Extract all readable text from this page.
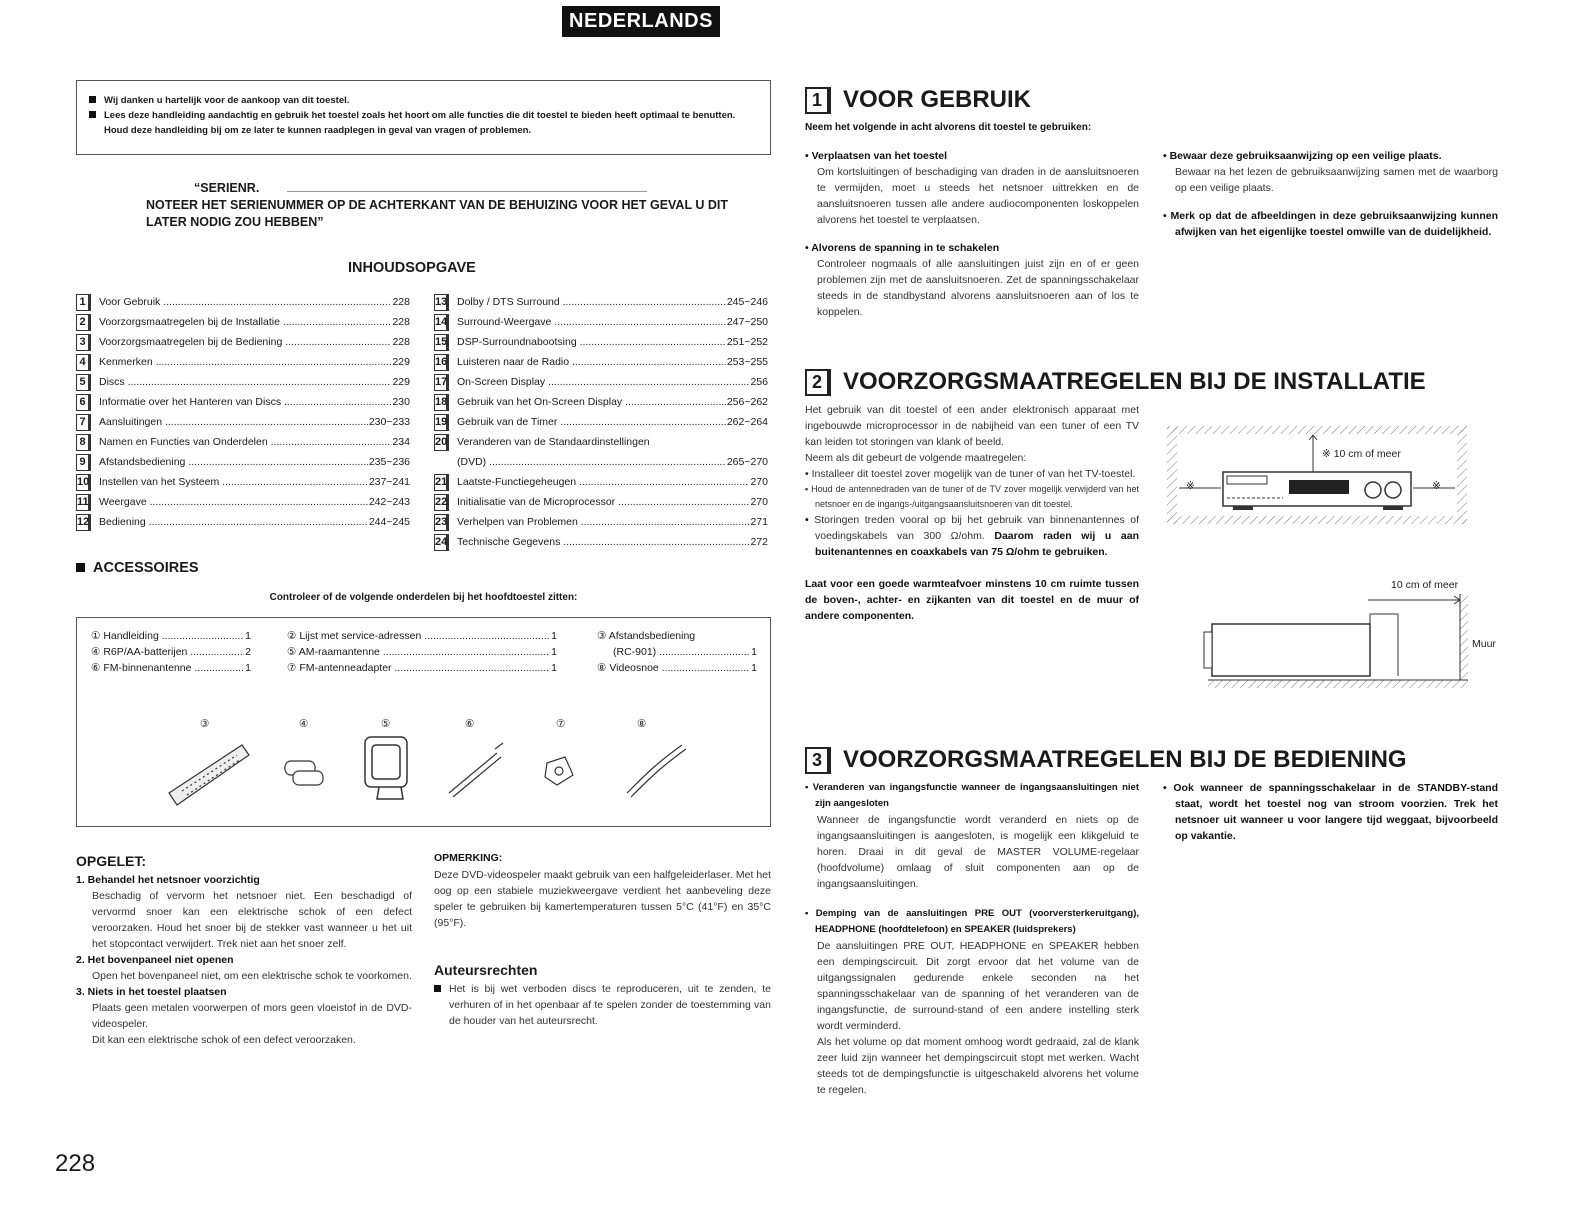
NEDERLANDS
Wij danken u hartelijk voor de aankoop van dit toestel.
Lees deze handleiding aandachtig en gebruik het toestel zoals het hoort om alle functies die dit toestel te bieden heeft optimaal te benutten. Houd deze handleiding bij om ze later te kunnen raadplegen in geval van vragen of problemen.
“SERIENR.
NOTEER HET SERIENUMMER OP DE ACHTERKANT VAN DE BEHUIZING VOOR HET GEVAL U DIT LATER NODIG ZOU HEBBEN”
INHOUDSOPGAVE
1	Voor Gebruik .....	228
2	Voorzorgsmaatregelen bij de Installatie .....	228
3	Voorzorgsmaatregelen bij de Bediening .....	228
4	Kenmerken .....	229
5	Discs .....	229
6	Informatie over het Hanteren van Discs .....	230
7	Aansluitingen .....	230~233
8	Namen en Functies van Onderdelen .....	234
9	Afstandsbediening .....	235~236
10 Instellen van het Systeem .....	237~241
11 Weergave .....	242~243
12 Bediening .....	244~245
13 Dolby / DTS Surround .....	245~246
14 Surround-Weergave .....	247~250
15 DSP-Surroundnabootsing .....	251~252
16 Luisteren naar de Radio .....	253~255
17 On-Screen Display .....	256
18 Gebruik van het On-Screen Display .....	256~262
19 Gebruik van de Timer .....	262~264
20 Veranderen van de Standaardinstellingen
(DVD) .....	265~270
21 Laatste-Functiegeheugen .....	270
22 Initialisatie van de Microprocessor .....	270
23 Verhelpen van Problemen .....	271
24 Technische Gegevens .....	272
ACCESSOIRES
Controleer of de volgende onderdelen bij het hoofdtoestel zitten:
① Handleiding .....	1
④ R6P/AA-batterijen .....	2
⑥ FM-binnenantenne .....	1
② Lijst met service-adressen .....	1
⑤ AM-raamantenne .....	1
⑦ FM-antenneadapter .....	1
③ Afstandsbediening
(RC-901) .....	1
⑧ Videosnoe .....	1
③	④	⑤	⑥	⑦	⑧
OPGELET:
1. Behandel het netsnoer voorzichtig
Beschadig of vervorm het netsnoer niet. Een beschadigd of vervormd snoer kan een elektrische schok of een defect veroorzaken. Houd het snoer bij de stekker vast wanneer u het uit het stopcontact verwijdert. Trek niet aan het snoer zelf.
2. Het bovenpaneel niet openen
Open het bovenpaneel niet, om een elektrische schok te voorkomen.
3. Niets in het toestel plaatsen
Plaats geen metalen voorwerpen of mors geen vloeistof in de DVD-videospeler.
Dit kan een elektrische schok of een defect veroorzaken.
OPMERKING:
Deze DVD-videospeler maakt gebruik van een halfgeleiderlaser. Met het oog op een stabiele muziekweergave verdient het aanbeveling deze speler te gebruiken bij kamertemperaturen tussen 5°C (41°F) en 35°C (95°F).
Auteursrechten
Het is bij wet verboden discs te reproduceren, uit te zenden, te verhuren of in het openbaar af te spelen zonder de toestemming van de houder van het auteursrecht.
1 VOOR GEBRUIK
Neem het volgende in acht alvorens dit toestel te gebruiken:
• Verplaatsen van het toestel
Om kortsluitingen of beschadiging van draden in de aansluitsnoeren te vermijden, moet u steeds het netsnoer uittrekken en de aansluitsnoeren tussen alle andere audiocomponenten loskoppelen alvorens het toestel te verplaatsen.
• Alvorens de spanning in te schakelen
Controleer nogmaals of alle aansluitingen juist zijn en of er geen problemen zijn met de aansluitsnoeren. Zet de spanningsschakelaar steeds in de standbystand alvorens aansluitsnoeren aan of los te koppelen.
• Bewaar deze gebruiksaanwijzing op een veilige plaats.
Bewaar na het lezen de gebruiksaanwijzing samen met de waarborg op een veilige plaats.
• Merk op dat de afbeeldingen in deze gebruiksaanwijzing kunnen afwijken van het eigenlijke toestel omwille van de duidelijkheid.
2 VOORZORGSMAATREGELEN BIJ DE INSTALLATIE
Het gebruik van dit toestel of een ander elektronisch apparaat met ingebouwde microprocessor in de nabijheid van een tuner of een TV kan leiden tot storingen van klank of beeld.
Neem als dit gebeurt de volgende maatregelen:
• Installeer dit toestel zover mogelijk van de tuner of van het TV-toestel.
• Houd de antennedraden van de tuner of de TV zover mogelijk verwijderd van het netsnoer en de ingangs-/uitgangsaansluitsnoeren van dit toestel.
• Storingen treden vooral op bij het gebruik van binnenantennes of voedingskabels van 300 Ω/ohm. Daarom raden wij u aan buitenantennes en coaxkabels van 75 Ω/ohm te gebruiken.
Laat voor een goede warmteafvoer minstens 10 cm ruimte tussen de boven-, achter- en zijkanten van dit toestel en de muur of andere componenten.
※ 10 cm of meer
※	※
10 cm of meer
Muur
3 VOORZORGSMAATREGELEN BIJ DE BEDIENING
• Veranderen van ingangsfunctie wanneer de ingangsaansluitingen niet zijn aangesloten
Wanneer de ingangsfunctie wordt veranderd en niets op de ingangsaansluitingen is aangesloten, is mogelijk een klikgeluid te horen. Draai in dit geval de MASTER VOLUME-regelaar (hoofdvolume) omlaag of sluit componenten aan op de ingangsaansluitingen.
• Demping van de aansluitingen PRE OUT (voorversterkeruitgang), HEADPHONE (hoofdtelefoon) en SPEAKER (luidsprekers)
De aansluitingen PRE OUT, HEADPHONE en SPEAKER hebben een dempingscircuit. Dit zorgt ervoor dat het volume van de uitgangssignalen gedurende enkele seconden na het spanningsschakelaar van de spanning of het veranderen van de ingangsfunctie, de surround-stand of een andere instelling sterk wordt verminderd.
Als het volume op dat moment omhoog wordt gedraaid, zal de klank zeer luid zijn wanneer het dempingscircuit stopt met werken. Wacht steeds tot de dempingsfunctie is uitgeschakeld alvorens het volume te regelen.
• Ook wanneer de spanningsschakelaar in de STANDBY-stand staat, wordt het toestel nog van stroom voorzien. Trek het netsnoer uit wanneer u voor langere tijd weggaat, bijvoorbeeld op vakantie.
228
